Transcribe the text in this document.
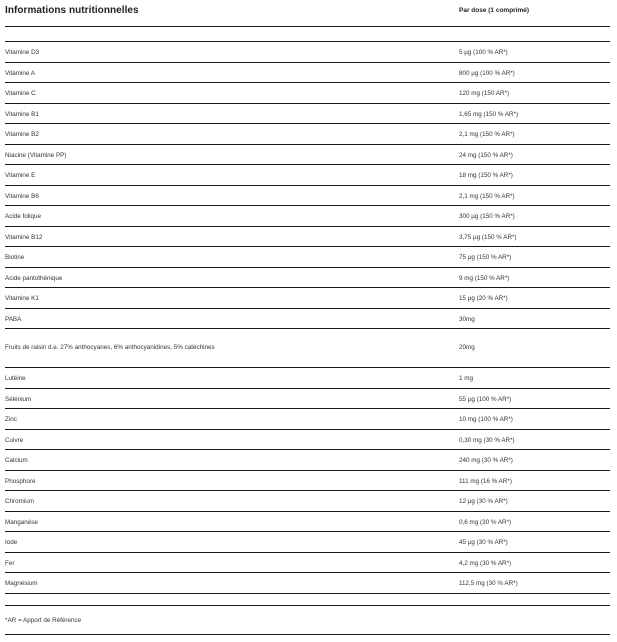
Informations nutritionnelles	Par dose (1 comprimé)
Vitamine D3	5 µg (100 % AR*)
Vitamine A	800 µg (100 % AR*)
Vitamine C	120 mg (150 AR*)
Vitamine B1	1,65 mg (150 % AR*)
Vitamine B2	2,1 mg (150 % AR*)
Niacine (Vitamine PP)	24 mg (150 % AR*)
Vitamine E	18 mg (150 % AR*)
Vitamine B6	2,1 mg (150 % AR*)
Acide folique	300 µg (150 % AR*)
Vitamine B12	3,75 µg (150 % AR*)
Biotine	75 µg (150 % AR*)
Acide pantothénique	9 mg (150 % AR*)
Vitamine K1	15 µg (20 % AR*)
PABA	30mg
Fruits de raisin d.e. 27% anthocyanes, 6% anthocyanidines, 5% catéchines	20mg
Lutéine	1 mg
Sélénium	55 µg (100 % AR*)
Zinc	10 mg (100 % AR*)
Cuivre	0,30 mg (30 % AR*)
Calcium	240 mg (30 % AR*)
Phosphore	111 mg (16 % AR*)
Chromium	12 µg (30 % AR*)
Manganèse	0,6 mg (30 % AR*)
Iode	45 µg (30 % AR*)
Fer	4,2 mg (30 % AR*)
Magnésium	112,5 mg (30 % AR*)
*AR = Apport de Référence
